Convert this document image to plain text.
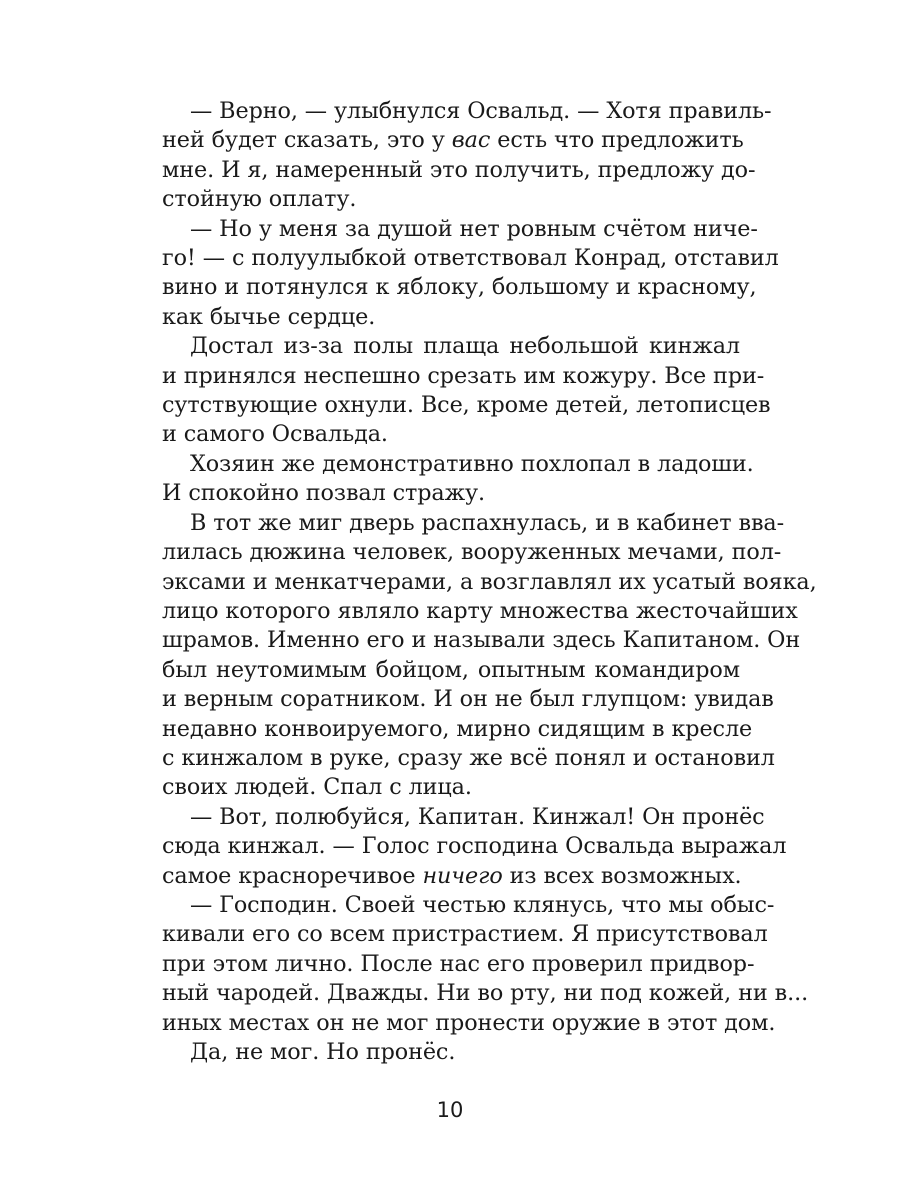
— Верно, — улыбнулся Освальд. — Хотя правиль-
ней будет сказать, это у вас есть что предложить
мне. И я, намеренный это получить, предложу до-
стойную оплату.
— Но у меня за душой нет ровным счётом ниче-
го! — с полуулыбкой ответствовал Конрад, отставил
вино и потянулся к яблоку, большому и красному,
как бычье сердце.
Достал из-за полы плаща небольшой кинжал
и принялся неспешно срезать им кожуру. Все при-
сутствующие охнули. Все, кроме детей, летописцев
и самого Освальда.
Хозяин же демонстративно похлопал в ладоши.
И спокойно позвал стражу.
В тот же миг дверь распахнулась, и в кабинет вва-
лилась дюжина человек, вооруженных мечами, пол-
эксами и менкатчерами, а возглавлял их усатый вояка,
лицо которого являло карту множества жесточайших
шрамов. Именно его и называли здесь Капитаном. Он
был неутомимым бойцом, опытным командиром
и верным соратником. И он не был глупцом: увидав
недавно конвоируемого, мирно сидящим в кресле
с кинжалом в руке, сразу же всё понял и остановил
своих людей. Спал с лица.
— Вот, полюбуйся, Капитан. Кинжал! Он пронёс
сюда кинжал. — Голос господина Освальда выражал
самое красноречивое ничего из всех возможных.
— Господин. Своей честью клянусь, что мы обыс-
кивали его со всем пристрастием. Я присутствовал
при этом лично. После нас его проверил придвор-
ный чародей. Дважды. Ни во рту, ни под кожей, ни в...
иных местах он не мог пронести оружие в этот дом.
Да, не мог. Но пронёс.
10
